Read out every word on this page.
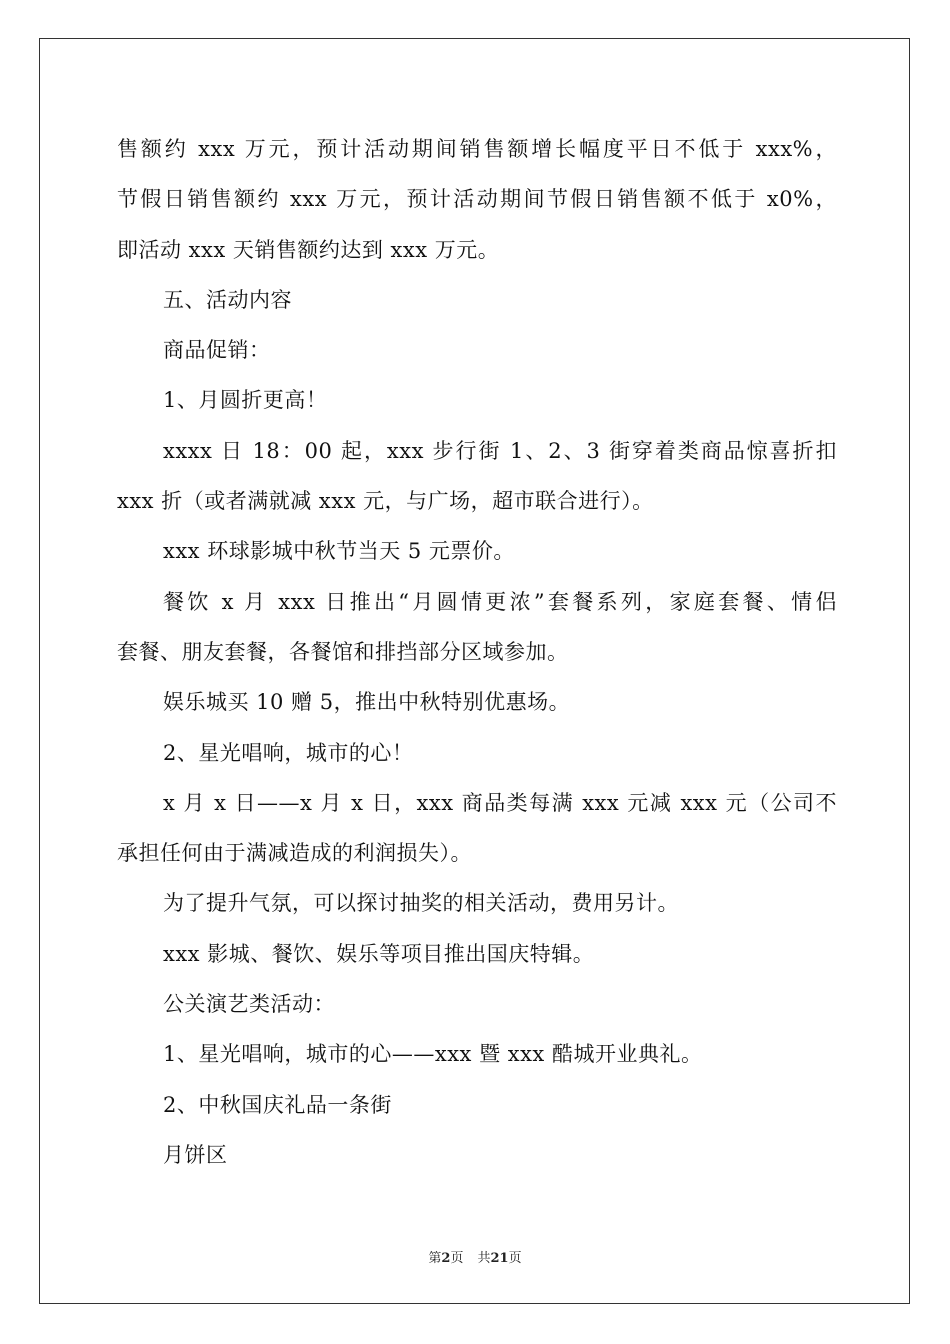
售额约 xxx 万元，预计活动期间销售额增长幅度平日不低于 xxx%，
节假日销售额约 xxx 万元，预计活动期间节假日销售额不低于 x0%，
即活动 xxx 天销售额约达到 xxx 万元。
五、活动内容
商品促销：
1、月圆折更高！
xxxx 日 18：00 起，xxx 步行街 1、2、3 街穿着类商品惊喜折扣
xxx 折（或者满就减 xxx 元，与广场，超市联合进行）。
xxx 环球影城中秋节当天 5 元票价。
餐饮 x 月 xxx 日推出“月圆情更浓”套餐系列，家庭套餐、情侣
套餐、朋友套餐，各餐馆和排挡部分区域参加。
娱乐城买 10 赠 5，推出中秋特别优惠场。
2、星光唱响，城市的心！
x 月 x 日——x 月 x 日，xxx 商品类每满 xxx 元减 xxx 元（公司不
承担任何由于满减造成的利润损失）。
为了提升气氛，可以探讨抽奖的相关活动，费用另计。
xxx 影城、餐饮、娱乐等项目推出国庆特辑。
公关演艺类活动：
1、星光唱响，城市的心——xxx 暨 xxx 酷城开业典礼。
2、中秋国庆礼品一条街
月饼区
第2页 共21页
